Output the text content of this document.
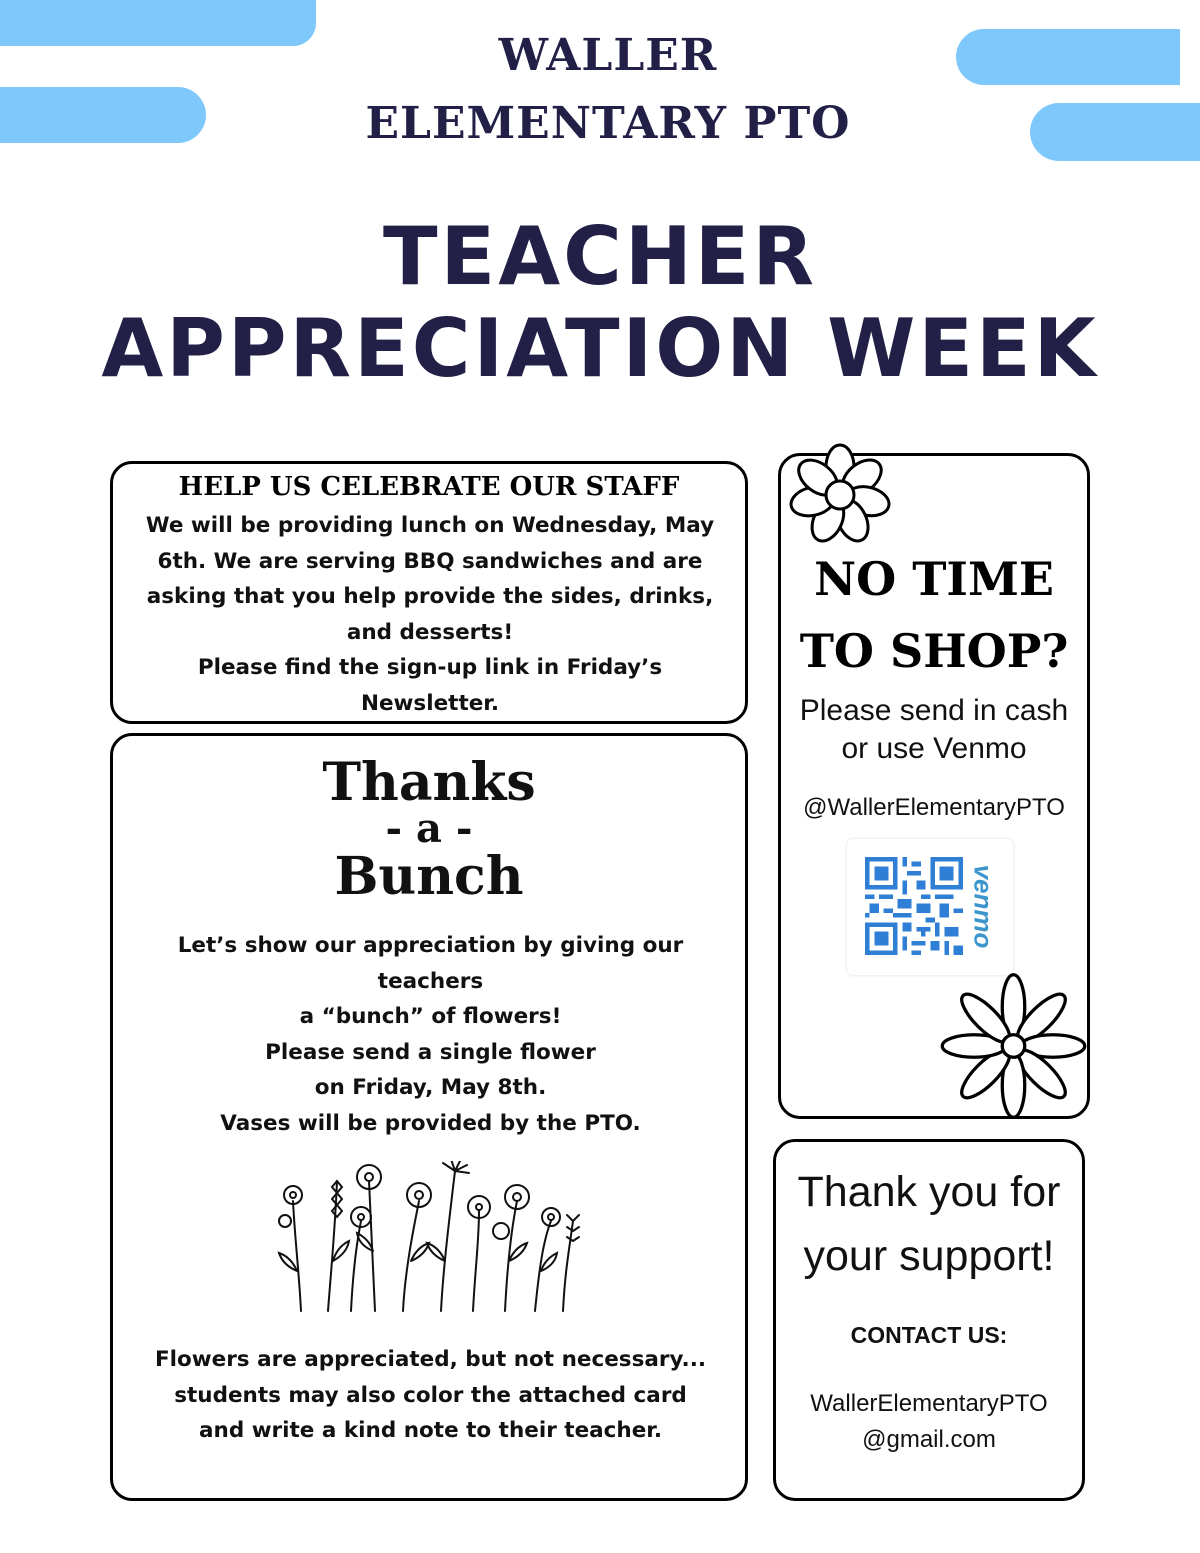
WALLER
ELEMENTARY PTO
TEACHER
APPRECIATION WEEK
HELP US CELEBRATE OUR STAFF
We will be providing lunch on Wednesday, May
6th. We are serving BBQ sandwiches and are
asking that you help provide the sides, drinks,
and desserts!
Please find the sign-up link in Friday’s
Newsletter.
Thanks
- a -
Bunch
Let’s show our appreciation by giving our
teachers
a “bunch” of flowers!
Please send a single flower
on Friday, May 8th.
Vases will be provided by the PTO.
Flowers are appreciated, but not necessary...
students may also color the attached card
and write a kind note to their teacher.
NO TIME
TO SHOP?
Please send in cash
or use Venmo
@WallerElementaryPTO
venmo
Thank you for
your support!
CONTACT US:
WallerElementaryPTO
@gmail.com
